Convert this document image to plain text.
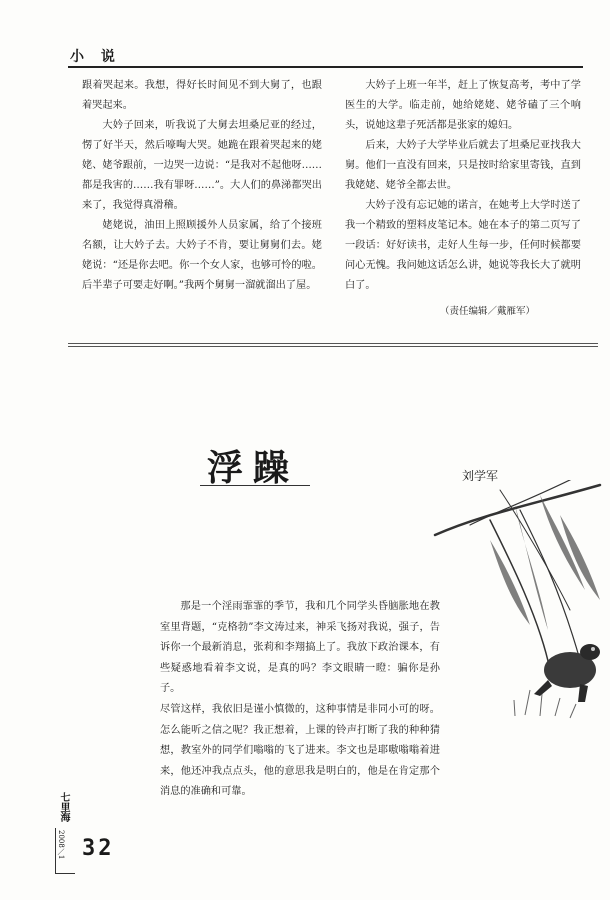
小 说

跟着哭起来。我想，得好长时间见不到大舅了，也跟着哭起来。

大妗子回来，听我说了大舅去坦桑尼亚的经过，愣了好半天，然后嚎啕大哭。她跪在跟着哭起来的姥姥、姥爷跟前，一边哭一边说：“是我对不起他呀……都是我害的……我有罪呀……”。大人们的鼻涕都哭出来了，我觉得真滑稽。

姥姥说，油田上照顾援外人员家属，给了个接班名额，让大妗子去。大妗子不肯，要让舅舅们去。姥姥说：“还是你去吧。你一个女人家，也够可怜的啦。后半辈子可要走好啊。”我两个舅舅一溜就溜出了屋。

大妗子上班一年半，赶上了恢复高考，考中了学医生的大学。临走前，她给姥姥、姥爷磕了三个响头，说她这辈子死活都是张家的媳妇。

后来，大妗子大学毕业后就去了坦桑尼亚找我大舅。他们一直没有回来，只是按时给家里寄钱，直到我姥姥、姥爷全都去世。

大妗子没有忘记她的诺言，在她考上大学时送了我一个精致的塑料皮笔记本。她在本子的第二页写了一段话：好好读书，走好人生每一步，任何时候都要问心无愧。我问她这话怎么讲，她说等我长大了就明白了。

（责任编辑／戴雁军）
浮躁	刘学军

那是一个淫雨霏霏的季节，我和几个同学头昏脑胀地在教室里背题，“克格勃”李文涛过来，神采飞扬对我说，强子，告诉你一个最新消息，张莉和李翔搞上了。我放下政治课本，有些疑惑地看着李文说，是真的吗？李文眼睛一瞪：骗你是孙子。

尽管这样，我依旧是谨小慎微的，这种事情是非同小可的呀。怎么能听之信之呢？我正想着，上课的铃声打断了我的种种猜想，教室外的同学们嗡嗡的飞了进来。李文也是耶嗷嗡嗡着进来，他还冲我点点头，他的意思我是明白的，他是在肯定那个消息的准确和可靠。

七里海
2008／1 32
